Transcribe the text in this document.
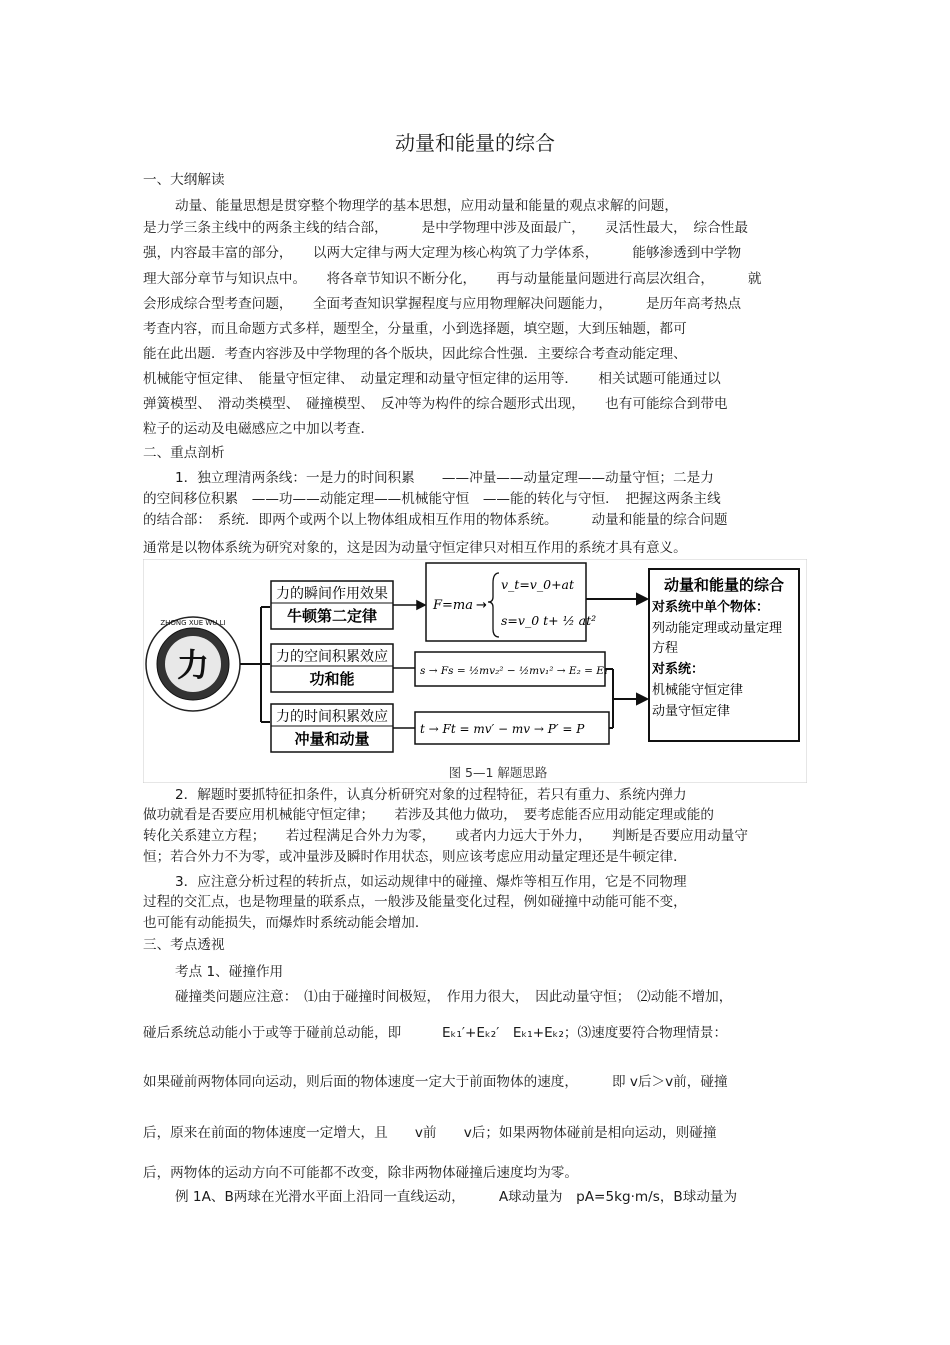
动量和能量的综合
一、大纲解读
动量、能量思想是贯穿整个物理学的基本思想，应用动量和能量的观点求解的问题，
是力学三条主线中的两条主线的结合部，　　　是中学物理中涉及面最广，　　灵活性最大，　综合性最
强，内容最丰富的部分，　　以两大定律与两大定理为核心构筑了力学体系，　　　能够渗透到中学物
理大部分章节与知识点中。　　将各章节知识不断分化，　　再与动量能量问题进行高层次组合，　　　就
会形成综合型考查问题，　　全面考查知识掌握程度与应用物理解决问题能力，　　　是历年高考热点
考查内容，而且命题方式多样，题型全，分量重，小到选择题，填空题，大到压轴题，都可
能在此出题．考查内容涉及中学物理的各个版块，因此综合性强．主要综合考查动能定理、
机械能守恒定律、　能量守恒定律、　动量定理和动量守恒定律的运用等．　　相关试题可能通过以
弹簧模型、　滑动类模型、　碰撞模型、　反冲等为构件的综合题形式出现，　　也有可能综合到带电
粒子的运动及电磁感应之中加以考查．
二、重点剖析
1．独立理清两条线：一是力的时间积累　　——冲量——动量定理——动量守恒；二是力
的空间移位积累　——功——动能定理——机械能守恒　——能的转化与守恒．　把握这两条主线
的结合部：　系统．即两个或两个以上物体组成相互作用的物体系统。　　　动量和能量的综合问题
通常是以物体系统为研究对象的，这是因为动量守恒定律只对相互作用的系统才具有意义。
力
ZHONG XUE WU LI
力的瞬间作用效果
牛顿第二定律
力的空间积累效应
功和能
力的时间积累效应
冲量和动量
F=ma →
v_t=v_0+at
s=v_0 t+ ½ at²
s → Fs = ½mv₂² − ½mv₁² → E₂ = E₁
t → Ft = mv′ − mv → P′ = P
动量和能量的综合
对系统中单个物体：
列动能定理或动量定理
方程
对系统：
机械能守恒定律
动量守恒定律
图 5—1 解题思路
2．解题时要抓特征扣条件，认真分析研究对象的过程特征，若只有重力、系统内弹力
做功就看是否要应用机械能守恒定律；　　若涉及其他力做功，　要考虑能否应用动能定理或能的
转化关系建立方程；　　若过程满足合外力为零，　　或者内力远大于外力，　　判断是否要应用动量守
恒；若合外力不为零，或冲量涉及瞬时作用状态，则应该考虑应用动量定理还是牛顿定律．
3．应注意分析过程的转折点，如运动规律中的碰撞、爆炸等相互作用，它是不同物理
过程的交汇点，也是物理量的联系点，一般涉及能量变化过程，例如碰撞中动能可能不变，
也可能有动能损失，而爆炸时系统动能会增加．
三、考点透视
考点 1、碰撞作用
碰撞类问题应注意：　⑴由于碰撞时间极短，　作用力很大，　因此动量守恒；　⑵动能不增加，
碰后系统总动能小于或等于碰前总动能，即　　　Eₖ₁′+Eₖ₂′　Eₖ₁+Eₖ₂；⑶速度要符合物理情景：
如果碰前两物体同向运动，则后面的物体速度一定大于前面物体的速度，　　　即 v后＞v前，碰撞
后，原来在前面的物体速度一定增大，且　　v前　　v后；如果两物体碰前是相向运动，则碰撞
后，两物体的运动方向不可能都不改变，除非两物体碰撞后速度均为零。
例 1A、B两球在光滑水平面上沿同一直线运动，　　　A球动量为　pA=5kg·m/s，B球动量为
